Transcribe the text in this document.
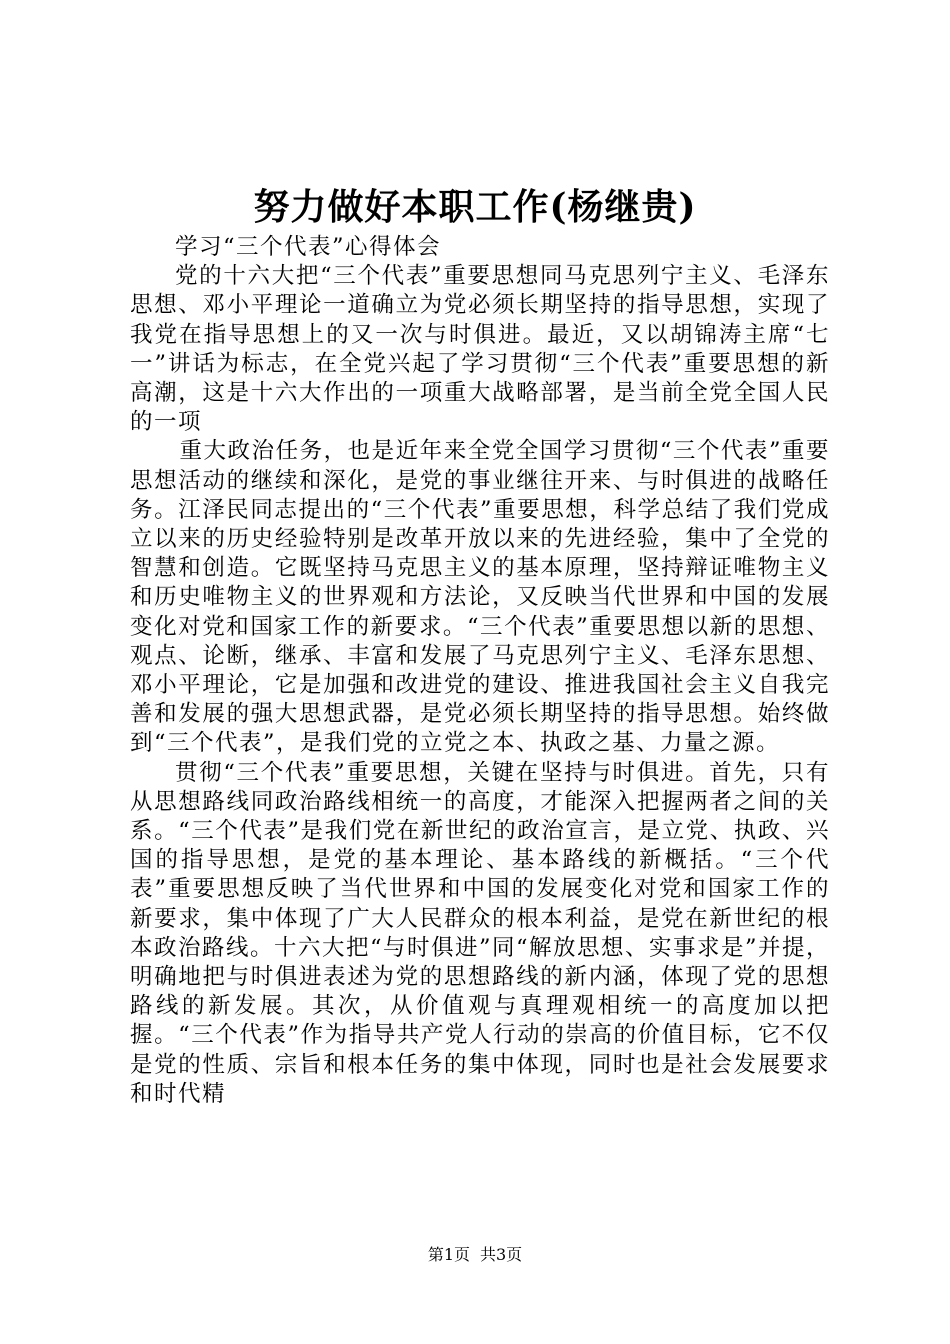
努力做好本职工作(杨继贵)

学习“三个代表”心得体会

党的十六大把“三个代表”重要思想同马克思列宁主义、毛泽东思想、邓小平理论一道确立为党必须长期坚持的指导思想，实现了我党在指导思想上的又一次与时俱进。最近，又以胡锦涛主席“七一”讲话为标志，在全党兴起了学习贯彻“三个代表”重要思想的新高潮，这是十六大作出的一项重大战略部署，是当前全党全国人民的一项

重大政治任务，也是近年来全党全国学习贯彻“三个代表”重要思想活动的继续和深化，是党的事业继往开来、与时俱进的战略任务。江泽民同志提出的“三个代表”重要思想，科学总结了我们党成立以来的历史经验特别是改革开放以来的先进经验，集中了全党的智慧和创造。它既坚持马克思主义的基本原理，坚持辩证唯物主义和历史唯物主义的世界观和方法论，又反映当代世界和中国的发展变化对党和国家工作的新要求。“三个代表”重要思想以新的思想、观点、论断，继承、丰富和发展了马克思列宁主义、毛泽东思想、邓小平理论，它是加强和改进党的建设、推进我国社会主义自我完善和发展的强大思想武器，是党必须长期坚持的指导思想。始终做到“三个代表”，是我们党的立党之本、执政之基、力量之源。

贯彻“三个代表”重要思想，关键在坚持与时俱进。首先，只有从思想路线同政治路线相统一的高度，才能深入把握两者之间的关系。“三个代表”是我们党在新世纪的政治宣言，是立党、执政、兴国的指导思想，是党的基本理论、基本路线的新概括。“三个代表”重要思想反映了当代世界和中国的发展变化对党和国家工作的新要求，集中体现了广大人民群众的根本利益，是党在新世纪的根本政治路线。十六大把“与时俱进”同“解放思想、实事求是”并提，明确地把与时俱进表述为党的思想路线的新内涵，体现了党的思想路线的新发展。其次，从价值观与真理观相统一的高度加以把握。“三个代表”作为指导共产党人行动的崇高的价值目标，它不仅是党的性质、宗旨和根本任务的集中体现，同时也是社会发展要求和时代精

第1页 共3页
